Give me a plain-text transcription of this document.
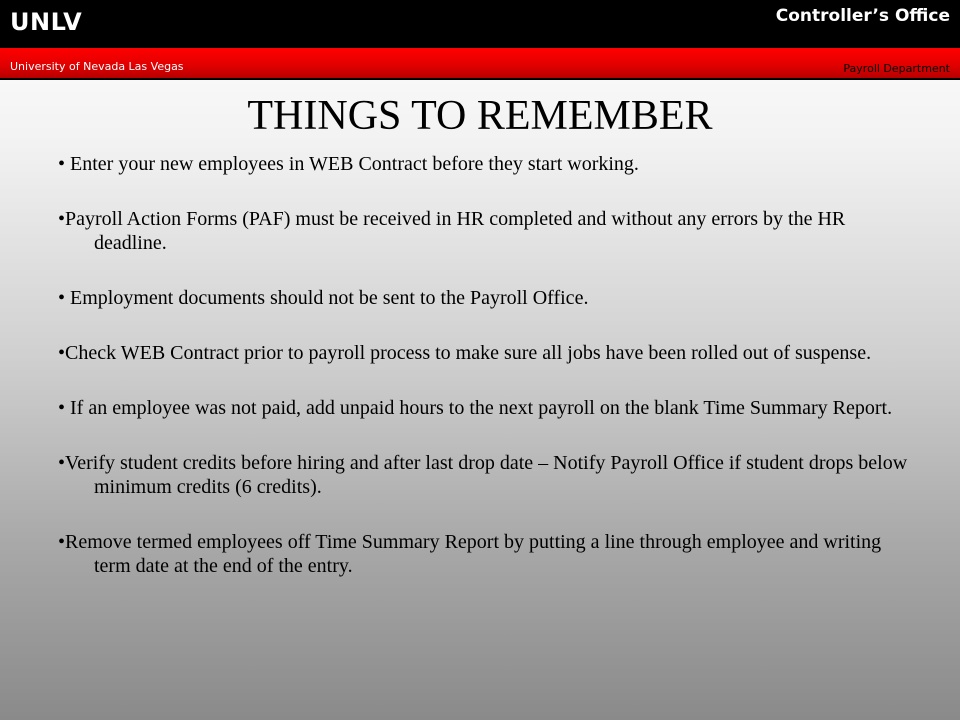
UNLV	Controller’s Office
University of Nevada Las Vegas	Payroll Department
THINGS TO REMEMBER
• Enter your new employees in WEB Contract before they start working.
•Payroll Action Forms (PAF) must be received in HR completed and without any errors by the HR deadline.
• Employment documents should not be sent to the Payroll Office.
•Check WEB Contract prior to payroll process to make sure all jobs have been rolled out of suspense.
• If an employee was not paid, add unpaid hours to the next payroll on the blank Time Summary Report.
•Verify student credits before hiring and after last drop date – Notify Payroll Office if student drops below minimum credits (6 credits).
•Remove termed employees off Time Summary Report by putting a line through employee and writing term date at the end of the entry.
